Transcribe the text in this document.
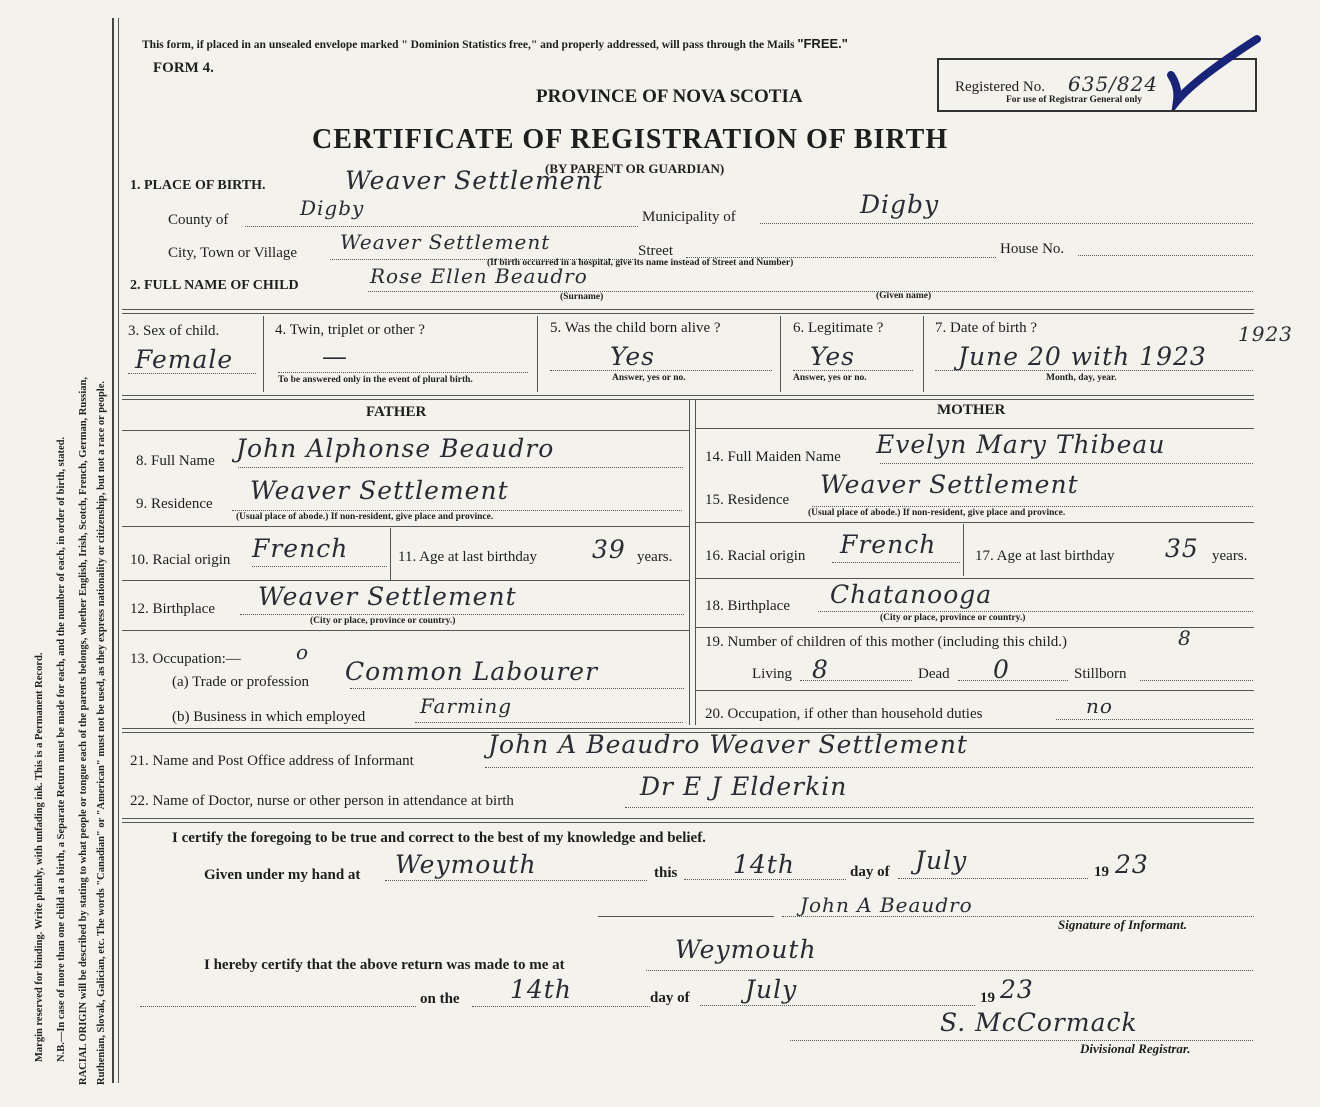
Margin reserved for binding. Write plainly, with unfading ink. This is a Permanent Record. N.B.—In case of more than one child at a birth, a Separate Return must be made for each, and the number of each, in order of birth, stated. RACIAL ORIGIN will be described by stating to what people or tongue each of the parents belongs, whether English, Irish, Scotch, French, German, Russian, Ruthenian, Slovak, Galician, etc. The words "Canadian" or "American" must not be used, as they express nationality or citizenship, but not a race or people.
This form, if placed in an unsealed envelope marked " Dominion Statistics free," and properly addressed, will pass through the Mails "FREE."
FORM 4.
PROVINCE OF NOVA SCOTIA	Registered No. 635/824
For use of Registrar General only
CERTIFICATE OF REGISTRATION OF BIRTH
(BY PARENT OR GUARDIAN)
1. PLACE OF BIRTH.	Weaver Settlement
County of	Digby	Municipality of	Digby
City, Town or Village Weaver Settlement	Street	House No.
(If birth occurred in a hospital, give its name instead of Street and Number)
2. FULL NAME OF CHILD	Rose Ellen Beaudro
(Surname)	(Given name)
3. Sex of child.
Female
4. Twin, triplet or other ?
—
To be answered only in the event of plural birth.
5. Was the child born alive ?
Yes
Answer, yes or no.
6. Legitimate ?
Yes
Answer, yes or no.
7. Date of birth ?
June 20 with 1923
1923
Month, day, year.
FATHER	MOTHER
8. Full Name John Alphonse Beaudro
9. Residence Weaver Settlement
(Usual place of abode.) If non-resident, give place and province.
10. Racial origin French	11. Age at last birthday 39 years.
12. Birthplace Weaver Settlement
(City or place, province or country.)
13. Occupation:—	o
(a) Trade or profession Common Labourer
(b) Business in which employed	Farming
14. Full Maiden Name Evelyn Mary Thibeau
15. Residence
Weaver Settlement
(Usual place of abode.) If non-resident, give place and province.
16. Racial origin French	17. Age at last birthday 35 years.
18. Birthplace Chatanooga
(City or place, province or country.)
19. Number of children of this mother (including this child.)	8
Living 8	Dead 0	Stillborn
20. Occupation, if other than household duties	no
21. Name and Post Office address of Informant
John A Beaudro Weaver Settlement
22. Name of Doctor, nurse or other person in attendance at birth	Dr E J Elderkin
I certify the foregoing to be true and correct to the best of my knowledge and belief.
Given under my hand at Weymouth	this 14th	day of July	19 23
John A Beaudro
Signature of Informant.
I hereby certify that the above return was made to me at
Weymouth
on the 14th	day of July	19 23
S. McCormack
Divisional Registrar.
